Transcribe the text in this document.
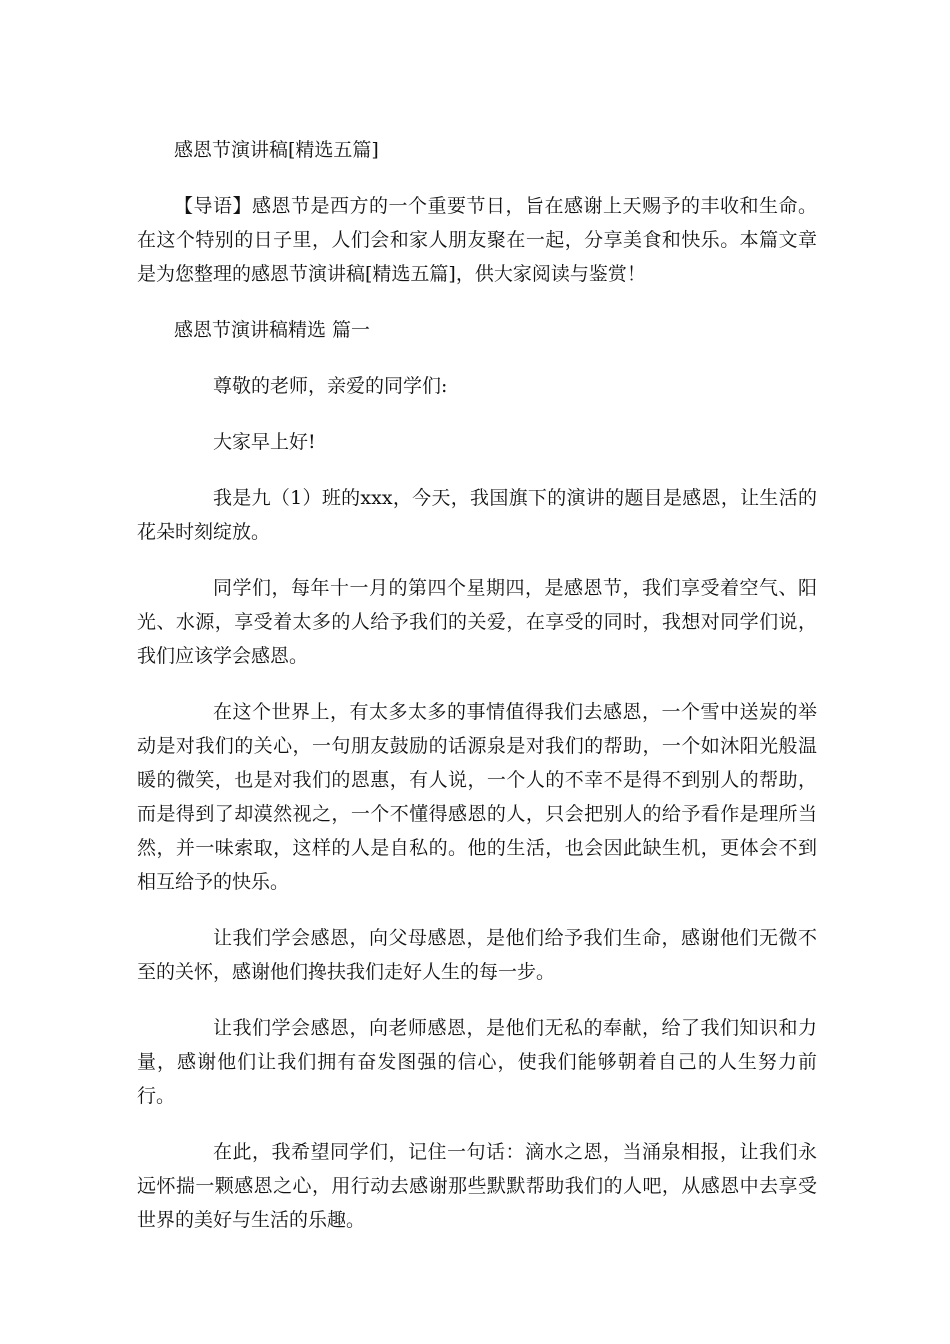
感恩节演讲稿[精选五篇]

【导语】感恩节是西方的一个重要节日，旨在感谢上天赐予的丰收和生命。在这个特别的日子里，人们会和家人朋友聚在一起，分享美食和快乐。本篇文章是为您整理的感恩节演讲稿[精选五篇]，供大家阅读与鉴赏！

感恩节演讲稿精选 篇一

尊敬的老师，亲爱的同学们:

大家早上好!

我是九（1）班的xxx，今天，我国旗下的演讲的题目是感恩，让生活的花朵时刻绽放。

同学们，每年十一月的第四个星期四，是感恩节，我们享受着空气、阳光、水源，享受着太多的人给予我们的关爱，在享受的同时，我想对同学们说，我们应该学会感恩。

在这个世界上，有太多太多的事情值得我们去感恩，一个雪中送炭的举动是对我们的关心，一句朋友鼓励的话源泉是对我们的帮助，一个如沐阳光般温暖的微笑，也是对我们的恩惠，有人说，一个人的不幸不是得不到别人的帮助，而是得到了却漠然视之，一个不懂得感恩的人，只会把别人的给予看作是理所当然，并一味索取，这样的人是自私的。他的生活，也会因此缺生机，更体会不到相互给予的快乐。

让我们学会感恩，向父母感恩，是他们给予我们生命，感谢他们无微不至的关怀，感谢他们搀扶我们走好人生的每一步。

让我们学会感恩，向老师感恩，是他们无私的奉献，给了我们知识和力量，感谢他们让我们拥有奋发图强的信心，使我们能够朝着自己的人生努力前行。

在此，我希望同学们，记住一句话：滴水之恩，当涌泉相报，让我们永远怀揣一颗感恩之心，用行动去感谢那些默默帮助我们的人吧，从感恩中去享受世界的美好与生活的乐趣。
